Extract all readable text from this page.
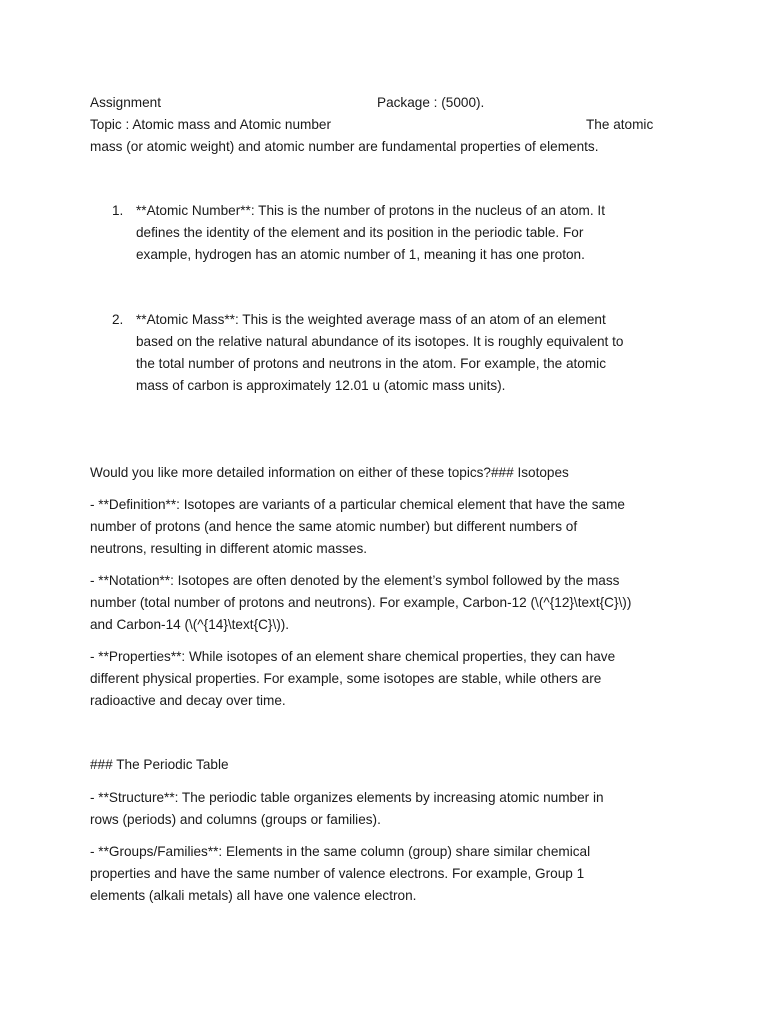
Assignment	Package : (5000).
Topic : Atomic mass and Atomic number	The atomic
mass (or atomic weight) and atomic number are fundamental properties of elements.
1. **Atomic Number**: This is the number of protons in the nucleus of an atom. It
defines the identity of the element and its position in the periodic table. For
example, hydrogen has an atomic number of 1, meaning it has one proton.
2. **Atomic Mass**: This is the weighted average mass of an atom of an element
based on the relative natural abundance of its isotopes. It is roughly equivalent to
the total number of protons and neutrons in the atom. For example, the atomic
mass of carbon is approximately 12.01 u (atomic mass units).
Would you like more detailed information on either of these topics?### Isotopes
- **Definition**: Isotopes are variants of a particular chemical element that have the same
number of protons (and hence the same atomic number) but different numbers of
neutrons, resulting in different atomic masses.
- **Notation**: Isotopes are often denoted by the element’s symbol followed by the mass
number (total number of protons and neutrons). For example, Carbon-12 (\(^{12}\text{C}\))
and Carbon-14 (\(^{14}\text{C}\)).
- **Properties**: While isotopes of an element share chemical properties, they can have
different physical properties. For example, some isotopes are stable, while others are
radioactive and decay over time.
### The Periodic Table
- **Structure**: The periodic table organizes elements by increasing atomic number in
rows (periods) and columns (groups or families).
- **Groups/Families**: Elements in the same column (group) share similar chemical
properties and have the same number of valence electrons. For example, Group 1
elements (alkali metals) all have one valence electron.
